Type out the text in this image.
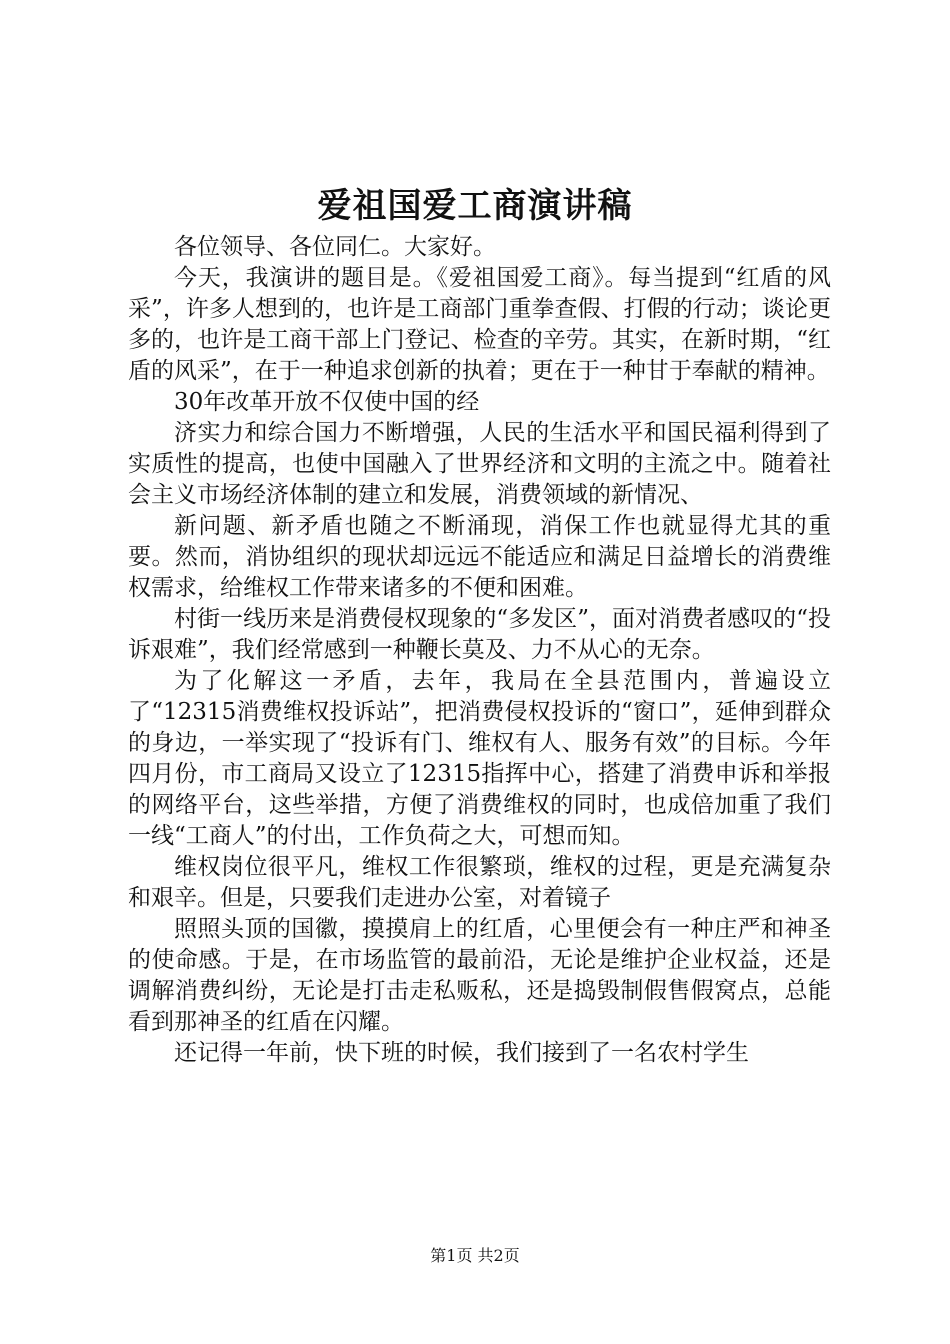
爱祖国爱工商演讲稿

各位领导、各位同仁。大家好。

今天，我演讲的题目是。《爱祖国爱工商》。每当提到“红盾的风采”，许多人想到的，也许是工商部门重拳查假、打假的行动；谈论更多的，也许是工商干部上门登记、检查的辛劳。其实，在新时期，“红盾的风采”，在于一种追求创新的执着；更在于一种甘于奉献的精神。

30年改革开放不仅使中国的经

济实力和综合国力不断增强，人民的生活水平和国民福利得到了实质性的提高，也使中国融入了世界经济和文明的主流之中。随着社会主义市场经济体制的建立和发展，消费领域的新情况、

新问题、新矛盾也随之不断涌现，消保工作也就显得尤其的重要。然而，消协组织的现状却远远不能适应和满足日益增长的消费维权需求，给维权工作带来诸多的不便和困难。

村街一线历来是消费侵权现象的“多发区”，面对消费者感叹的“投诉艰难”，我们经常感到一种鞭长莫及、力不从心的无奈。

为了化解这一矛盾，去年，我局在全县范围内，普遍设立了“12315消费维权投诉站”，把消费侵权投诉的“窗口”，延伸到群众的身边，一举实现了“投诉有门、维权有人、服务有效”的目标。今年四月份，市工商局又设立了12315指挥中心，搭建了消费申诉和举报的网络平台，这些举措，方便了消费维权的同时，也成倍加重了我们一线“工商人”的付出，工作负荷之大，可想而知。

维权岗位很平凡，维权工作很繁琐，维权的过程，更是充满复杂和艰辛。但是，只要我们走进办公室，对着镜子

照照头顶的国徽，摸摸肩上的红盾，心里便会有一种庄严和神圣的使命感。于是，在市场监管的最前沿，无论是维护企业权益，还是调解消费纠纷，无论是打击走私贩私，还是捣毁制假售假窝点，总能看到那神圣的红盾在闪耀。

还记得一年前，快下班的时候，我们接到了一名农村学生

第1页 共2页
